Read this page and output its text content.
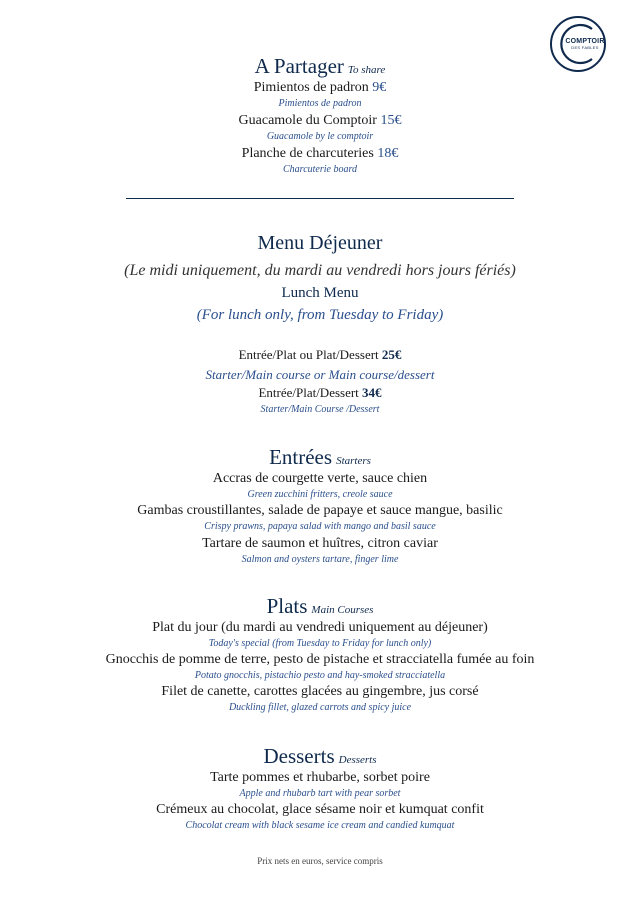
COMPTOIR
DES FABLES
A Partager To share
Pimientos de padron 9€
Pimientos de padron
Guacamole du Comptoir 15€
Guacamole by le comptoir
Planche de charcuteries 18€
Charcuterie board
Menu Déjeuner
(Le midi uniquement, du mardi au vendredi hors jours fériés)
Lunch Menu
(For lunch only, from Tuesday to Friday)
Entrée/Plat ou Plat/Dessert 25€
Starter/Main course or Main course/dessert
Entrée/Plat/Dessert 34€
Starter/Main Course /Dessert
Entrées Starters
Accras de courgette verte, sauce chien
Green zucchini fritters, creole sauce
Gambas croustillantes, salade de papaye et sauce mangue, basilic
Crispy prawns, papaya salad with mango and basil sauce
Tartare de saumon et huîtres, citron caviar
Salmon and oysters tartare, finger lime
Plats Main Courses
Plat du jour (du mardi au vendredi uniquement au déjeuner)
Today's special (from Tuesday to Friday for lunch only)
Gnocchis de pomme de terre, pesto de pistache et stracciatella fumée au foin
Potato gnocchis, pistachio pesto and hay-smoked stracciatella
Filet de canette, carottes glacées au gingembre, jus corsé
Duckling fillet, glazed carrots and spicy juice
Desserts Desserts
Tarte pommes et rhubarbe, sorbet poire
Apple and rhubarb tart with pear sorbet
Crémeux au chocolat, glace sésame noir et kumquat confit
Chocolat cream with black sesame ice cream and candied kumquat
Prix nets en euros, service compris
